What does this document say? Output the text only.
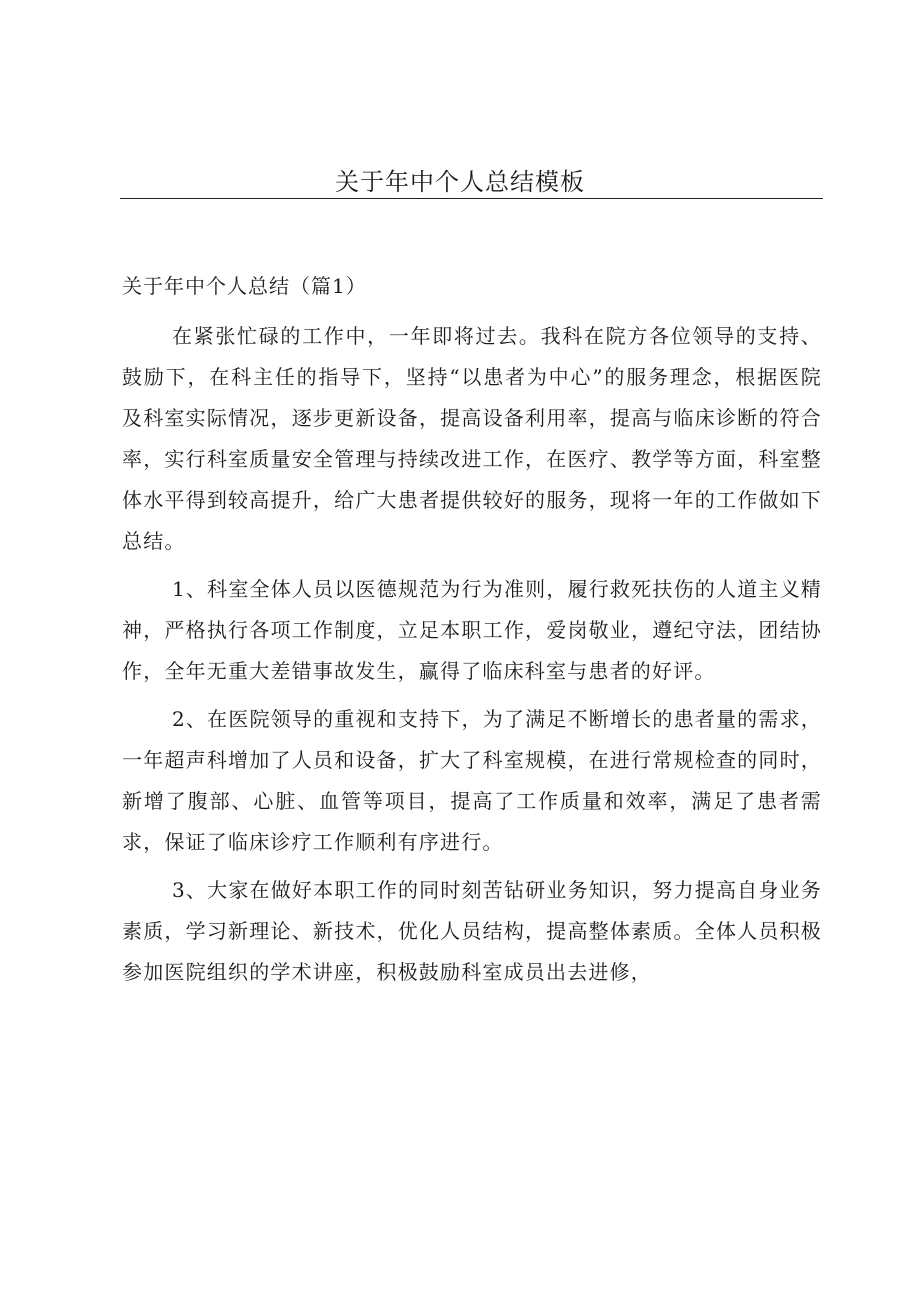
关于年中个人总结模板
关于年中个人总结（篇1）

在紧张忙碌的工作中，一年即将过去。我科在院方各位领导的支持、鼓励下，在科主任的指导下，坚持“以患者为中心”的服务理念，根据医院及科室实际情况，逐步更新设备，提高设备利用率，提高与临床诊断的符合率，实行科室质量安全管理与持续改进工作，在医疗、教学等方面，科室整体水平得到较高提升，给广大患者提供较好的服务，现将一年的工作做如下总结。

1、科室全体人员以医德规范为行为准则，履行救死扶伤的人道主义精神，严格执行各项工作制度，立足本职工作，爱岗敬业，遵纪守法，团结协作，全年无重大差错事故发生，赢得了临床科室与患者的好评。

2、在医院领导的重视和支持下，为了满足不断增长的患者量的需求，一年超声科增加了人员和设备，扩大了科室规模，在进行常规检查的同时，新增了腹部、心脏、血管等项目，提高了工作质量和效率，满足了患者需求，保证了临床诊疗工作顺利有序进行。

3、大家在做好本职工作的同时刻苦钻研业务知识，努力提高自身业务素质，学习新理论、新技术，优化人员结构，提高整体素质。全体人员积极参加医院组织的学术讲座，积极鼓励科室成员出去进修，
